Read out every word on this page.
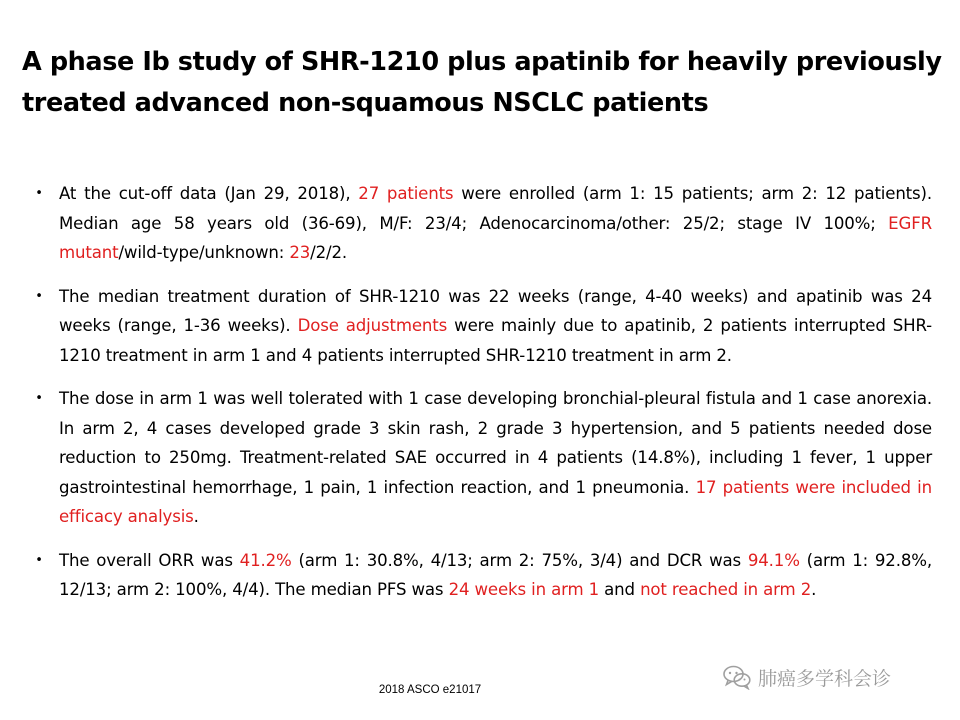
A phase Ib study of SHR-1210 plus apatinib for heavily previously treated advanced non-squamous NSCLC patients
• At the cut-off data (Jan 29, 2018), 27 patients were enrolled (arm 1: 15 patients; arm 2: 12 patients). Median age 58 years old (36-69), M/F: 23/4; Adenocarcinoma/other: 25/2; stage IV 100%; EGFR mutant/wild-type/unknown: 23/2/2.
• The median treatment duration of SHR-1210 was 22 weeks (range, 4-40 weeks) and apatinib was 24 weeks (range, 1-36 weeks). Dose adjustments were mainly due to apatinib, 2 patients interrupted SHR-1210 treatment in arm 1 and 4 patients interrupted SHR-1210 treatment in arm 2.
• The dose in arm 1 was well tolerated with 1 case developing bronchial-pleural fistula and 1 case anorexia. In arm 2, 4 cases developed grade 3 skin rash, 2 grade 3 hypertension, and 5 patients needed dose reduction to 250mg. Treatment-related SAE occurred in 4 patients (14.8%), including 1 fever, 1 upper gastrointestinal hemorrhage, 1 pain, 1 infection reaction, and 1 pneumonia. 17 patients were included in efficacy analysis.
• The overall ORR was 41.2% (arm 1: 30.8%, 4/13; arm 2: 75%, 3/4) and DCR was 94.1% (arm 1: 92.8%, 12/13; arm 2: 100%, 4/4). The median PFS was 24 weeks in arm 1 and not reached in arm 2.
肺癌多学科会诊
2018 ASCO e21017
